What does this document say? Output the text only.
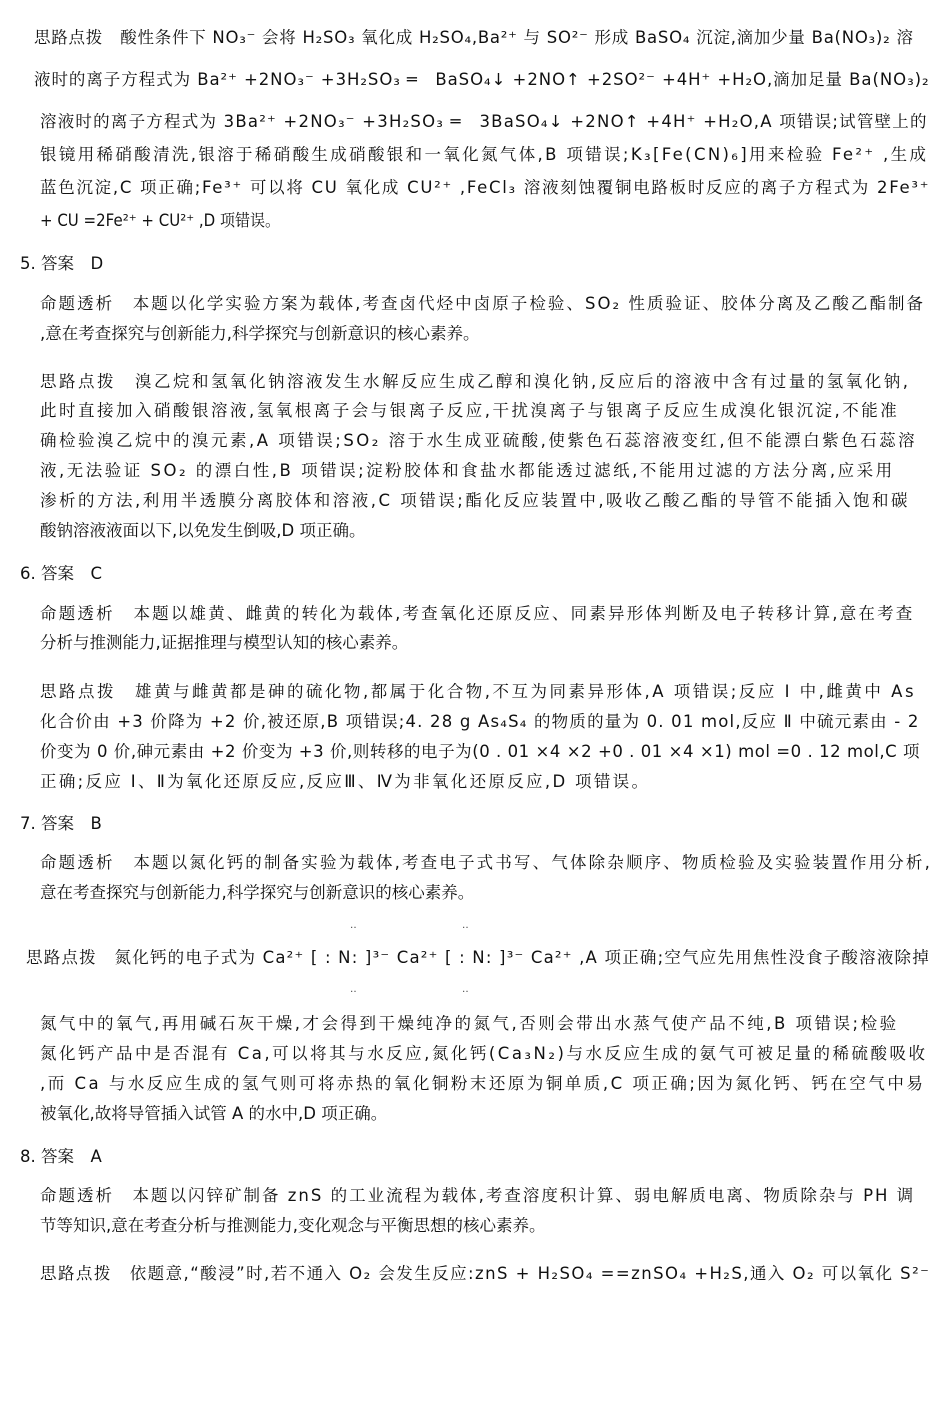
思路点拨　酸性条件下 NO₃⁻ 会将 H₂SO₃ 氧化成 H₂SO₄,Ba²⁺ 与 SO²⁻ 形成 BaSO₄ 沉淀,滴加少量 Ba(NO₃)₂ 溶
液时的离子方程式为 Ba²⁺ +2NO₃⁻ +3H₂SO₃ ═　BaSO₄↓ +2NO↑ +2SO²⁻ +4H⁺ +H₂O,滴加足量 Ba(NO₃)₂
溶液时的离子方程式为 3Ba²⁺ +2NO₃⁻ +3H₂SO₃ ═　3BaSO₄↓ +2NO↑ +4H⁺ +H₂O,A 项错误;试管壁上的
银镜用稀硝酸清洗,银溶于稀硝酸生成硝酸银和一氧化氮气体,B 项错误;K₃[Fe(CN)₆]用来检验 Fe²⁺ ,生成
蓝色沉淀,C 项正确;Fe³⁺ 可以将 CU 氧化成 CU²⁺ ,FeCl₃ 溶液刻蚀覆铜电路板时反应的离子方程式为 2Fe³⁺
+ CU =2Fe²⁺ + CU²⁺ ,D 项错误。
5. 答案　D
命题透析　本题以化学实验方案为载体,考查卤代烃中卤原子检验、SO₂ 性质验证、胶体分离及乙酸乙酯制备
,意在考查探究与创新能力,科学探究与创新意识的核心素养。
思路点拨　溴乙烷和氢氧化钠溶液发生水解反应生成乙醇和溴化钠,反应后的溶液中含有过量的氢氧化钠,
此时直接加入硝酸银溶液,氢氧根离子会与银离子反应,干扰溴离子与银离子反应生成溴化银沉淀,不能准
确检验溴乙烷中的溴元素,A 项错误;SO₂ 溶于水生成亚硫酸,使紫色石蕊溶液变红,但不能漂白紫色石蕊溶
液,无法验证 SO₂ 的漂白性,B 项错误;淀粉胶体和食盐水都能透过滤纸,不能用过滤的方法分离,应采用
渗析的方法,利用半透膜分离胶体和溶液,C 项错误;酯化反应装置中,吸收乙酸乙酯的导管不能插入饱和碳
酸钠溶液液面以下,以免发生倒吸,D 项正确。
6. 答案　C
命题透析　本题以雄黄、雌黄的转化为载体,考查氧化还原反应、同素异形体判断及电子转移计算,意在考查
分析与推测能力,证据推理与模型认知的核心素养。
思路点拨　雄黄与雌黄都是砷的硫化物,都属于化合物,不互为同素异形体,A 项错误;反应 Ⅰ 中,雌黄中 As
化合价由 +3 价降为 +2 价,被还原,B 项错误;4. 28 g As₄S₄ 的物质的量为 0. 01 mol,反应 Ⅱ 中硫元素由 - 2
价变为 0 价,砷元素由 +2 价变为 +3 价,则转移的电子为(0 . 01 ×4 ×2 +0 . 01 ×4 ×1) mol =0 . 12 mol,C 项
正确;反应 Ⅰ、Ⅱ为氧化还原反应,反应Ⅲ、Ⅳ为非氧化还原反应,D 项错误。
7. 答案　B
命题透析　本题以氮化钙的制备实验为载体,考查电子式书写、气体除杂顺序、物质检验及实验装置作用分析,
意在考查探究与创新能力,科学探究与创新意识的核心素养。
思路点拨　氮化钙的电子式为 Ca²⁺ [ : N: ]³⁻ Ca²⁺ [ : N: ]³⁻ Ca²⁺ ,A 项正确;空气应先用焦性没食子酸溶液除掉
氮气中的氧气,再用碱石灰干燥,才会得到干燥纯净的氮气,否则会带出水蒸气使产品不纯,B 项错误;检验
氮化钙产品中是否混有 Ca,可以将其与水反应,氮化钙(Ca₃N₂)与水反应生成的氨气可被足量的稀硫酸吸收
,而 Ca 与水反应生成的氢气则可将赤热的氧化铜粉末还原为铜单质,C 项正确;因为氮化钙、钙在空气中易
被氧化,故将导管插入试管 A 的水中,D 项正确。
8. 答案　A
命题透析　本题以闪锌矿制备 znS 的工业流程为载体,考查溶度积计算、弱电解质电离、物质除杂与 PH 调
节等知识,意在考查分析与推测能力,变化观念与平衡思想的核心素养。
思路点拨　依题意,“酸浸”时,若不通入 O₂ 会发生反应:znS + H₂SO₄ ==znSO₄ +H₂S,通入 O₂ 可以氧化 S²⁻
‥	‥
‥	‥
